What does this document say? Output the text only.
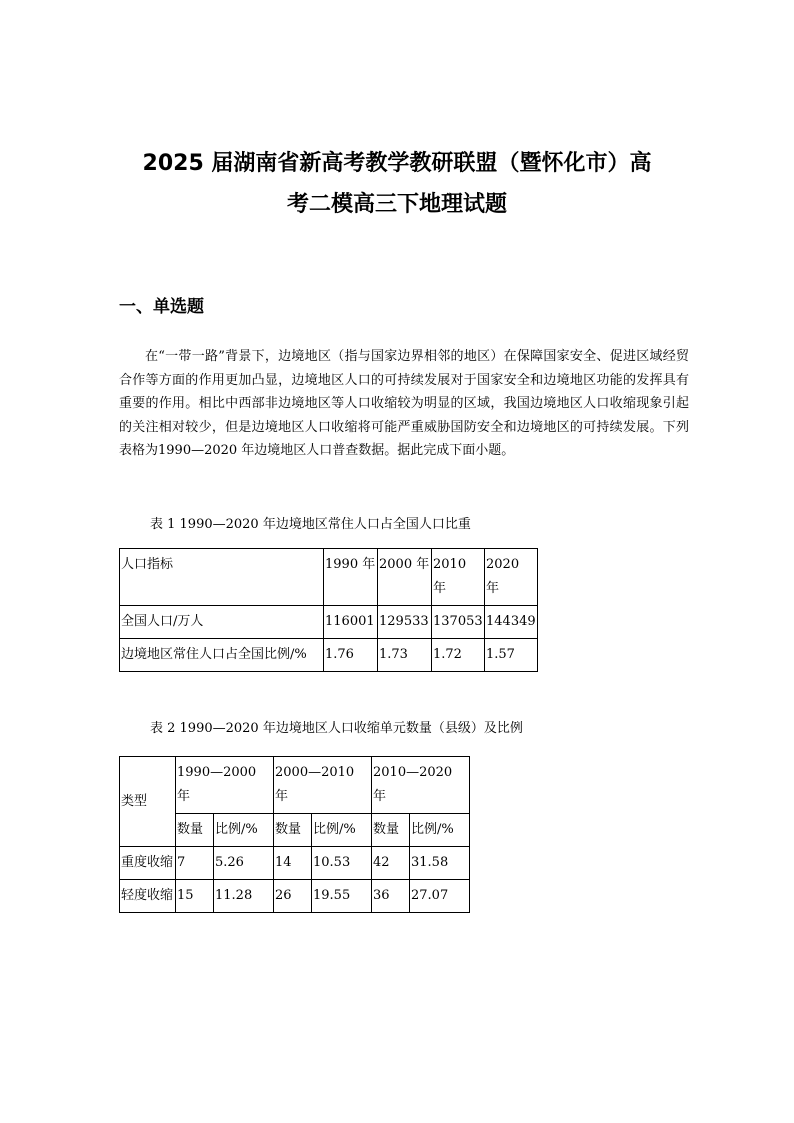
2025 届湖南省新高考教学教研联盟（暨怀化市）高
考二模高三下地理试题
一、单选题

在“一带一路”背景下，边境地区（指与国家边界相邻的地区）在保障国家安全、促进区域经贸合作等方面的作用更加凸显，边境地区人口的可持续发展对于国家安全和边境地区功能的发挥具有重要的作用。相比中西部非边境地区等人口收缩较为明显的区域，我国边境地区人口收缩现象引起的关注相对较少，但是边境地区人口收缩将可能严重威胁国防安全和边境地区的可持续发展。下列表格为1990—2020 年边境地区人口普查数据。据此完成下面小题。

表 1 1990—2020 年边境地区常住人口占全国人口比重

人口指标	1990 年	2000 年	2010 年	2020 年
全国人口/万人	116001	129533	137053	144349
边境地区常住人口占全国比例/%	1.76	1.73	1.72	1.57

表 2 1990—2020 年边境地区人口收缩单元数量（县级）及比例

类型	1990—2000 年		2000—2010 年		2010—2020 年	
	数量	比例/%	数量	比例/%	数量	比例/%
重度收缩	7	5.26	14	10.53	42	31.58
轻度收缩	15	11.28	26	19.55	36	27.07
